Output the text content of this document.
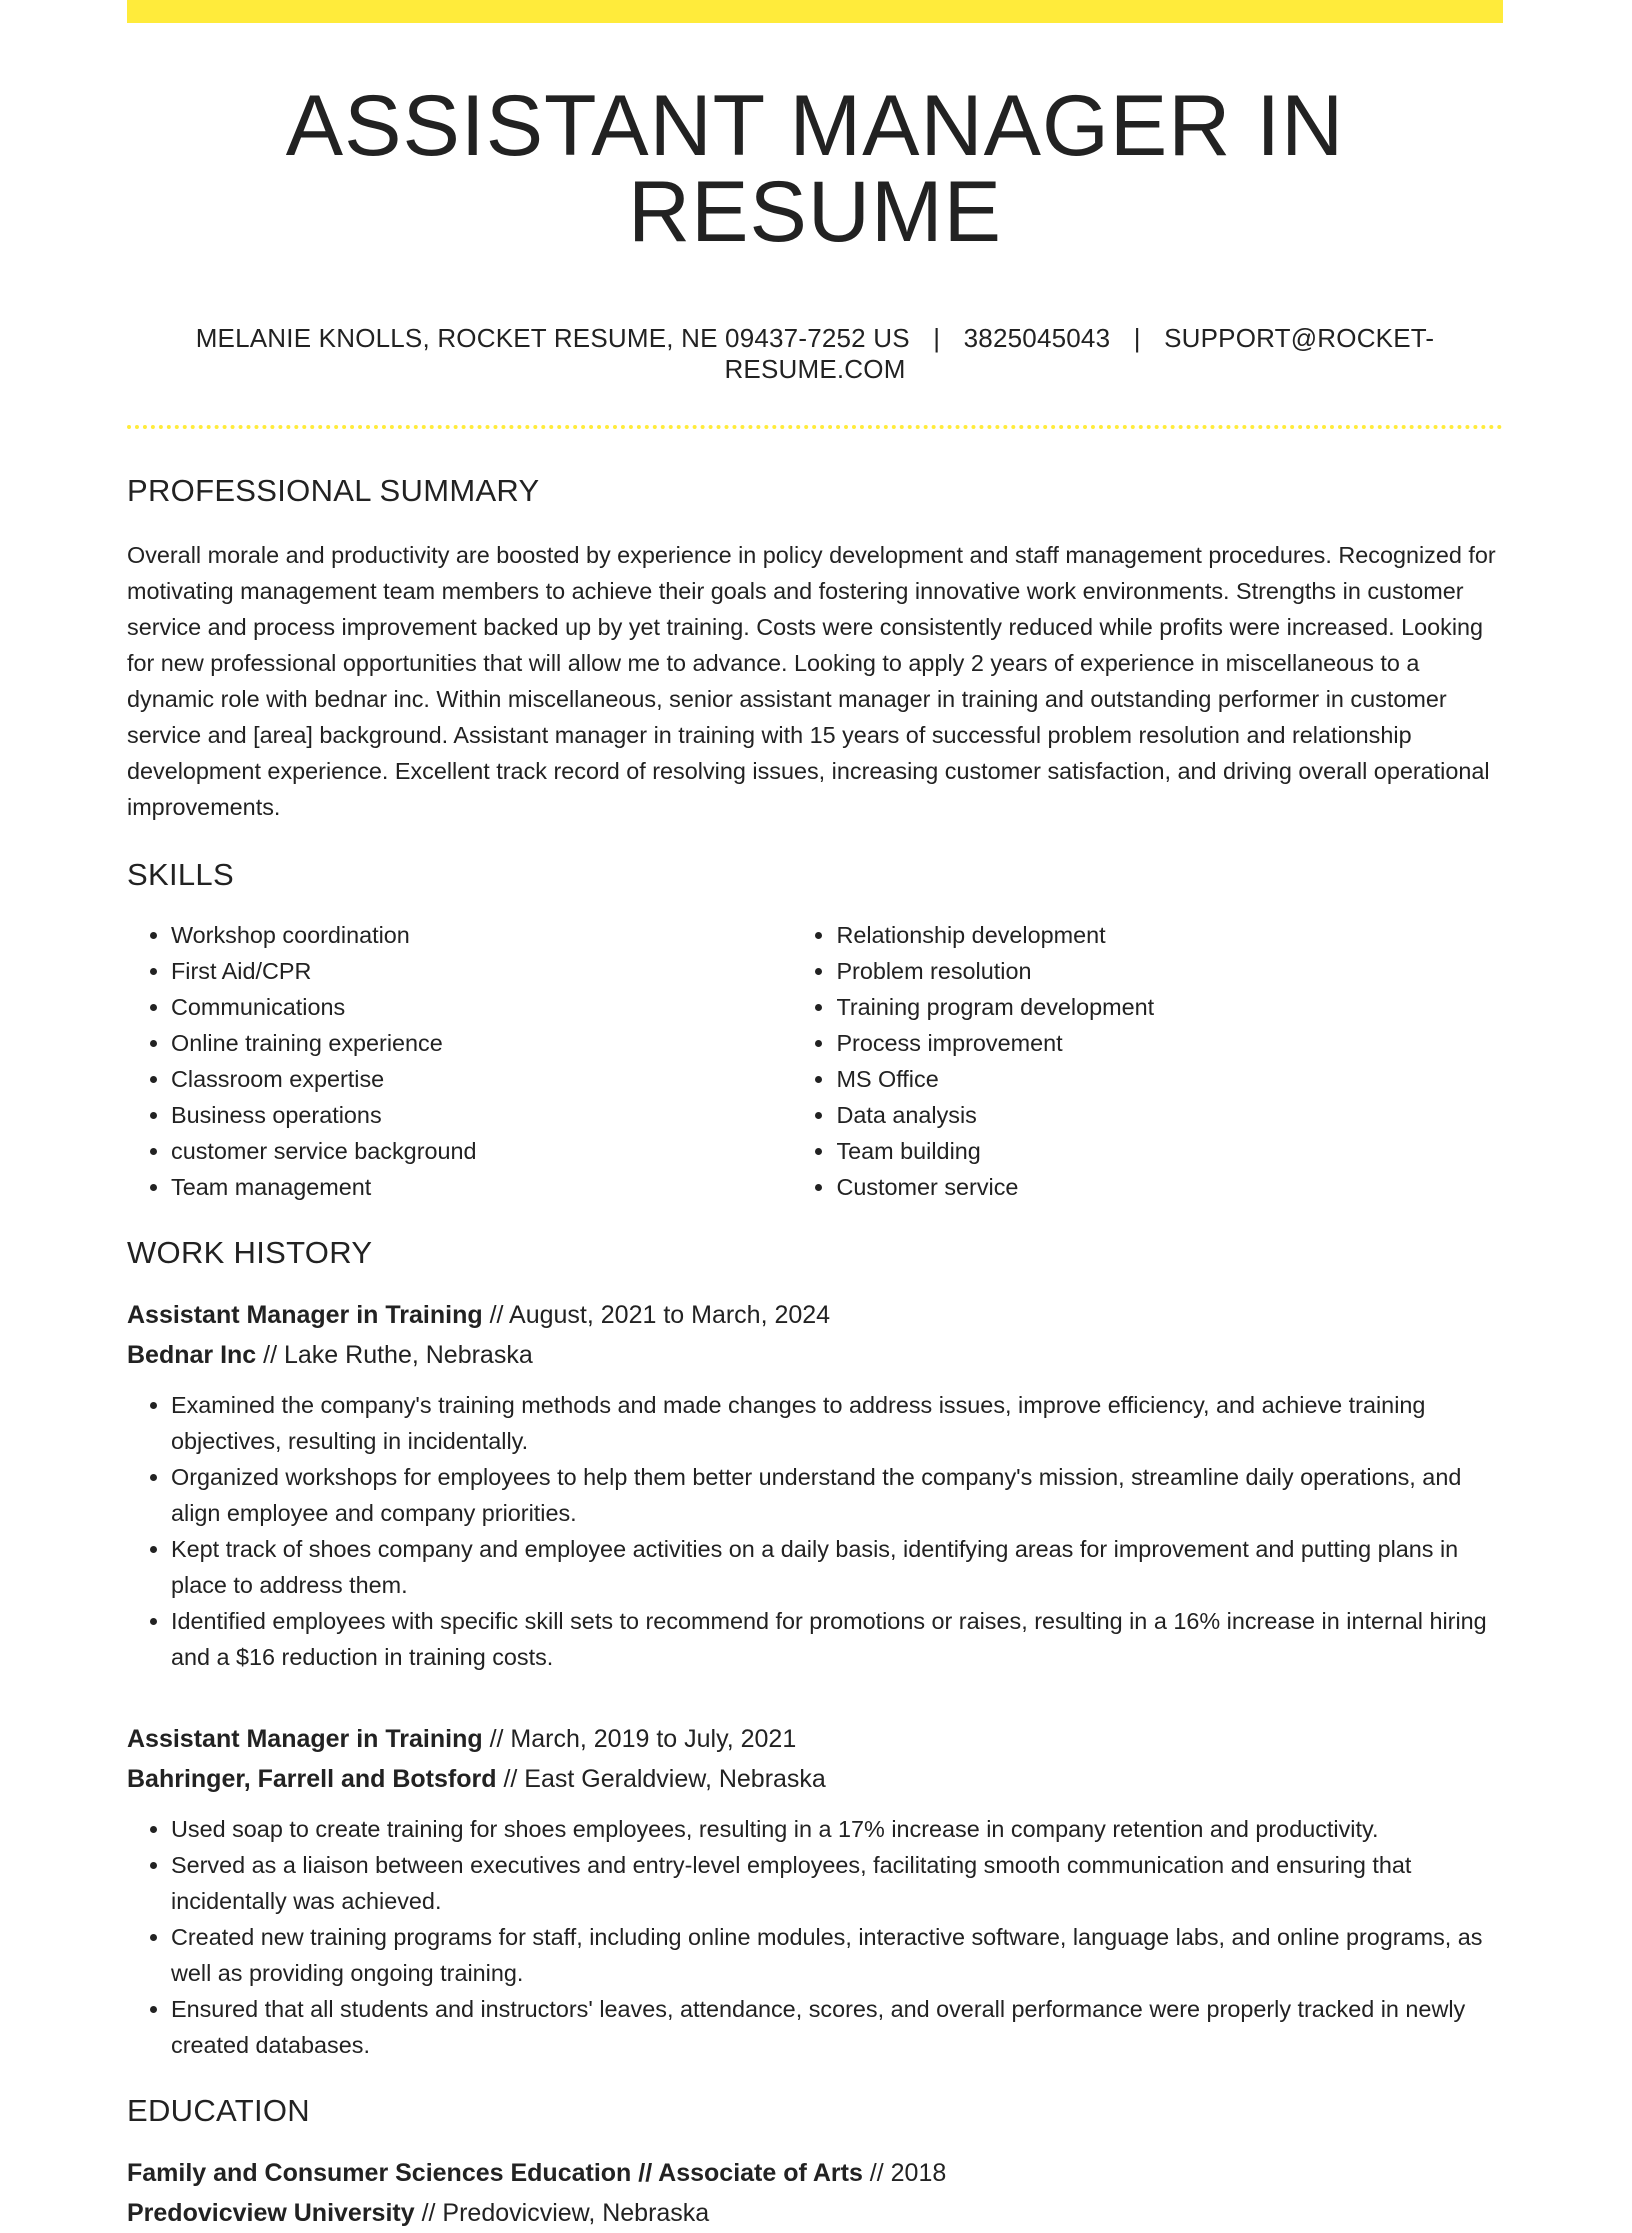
ASSISTANT MANAGER IN RESUME
MELANIE KNOLLS, ROCKET RESUME, NE 09437-7252 US | 3825045043 | SUPPORT@ROCKET-RESUME.COM
PROFESSIONAL SUMMARY

Overall morale and productivity are boosted by experience in policy development and staff management procedures. Recognized for motivating management team members to achieve their goals and fostering innovative work environments. Strengths in customer service and process improvement backed up by yet training. Costs were consistently reduced while profits were increased. Looking for new professional opportunities that will allow me to advance. Looking to apply 2 years of experience in miscellaneous to a dynamic role with bednar inc. Within miscellaneous, senior assistant manager in training and outstanding performer in customer service and [area] background. Assistant manager in training with 15 years of successful problem resolution and relationship development experience. Excellent track record of resolving issues, increasing customer satisfaction, and driving overall operational improvements.

SKILLS
• Workshop coordination
• First Aid/CPR
• Communications
• Online training experience
• Classroom expertise
• Business operations
• customer service background
• Team management
• Relationship development
• Problem resolution
• Training program development
• Process improvement
• MS Office
• Data analysis
• Team building
• Customer service
WORK HISTORY
Assistant Manager in Training // August, 2021 to March, 2024
Bednar Inc // Lake Ruthe, Nebraska
• Examined the company's training methods and made changes to address issues, improve efficiency, and achieve training objectives, resulting in incidentally.
• Organized workshops for employees to help them better understand the company's mission, streamline daily operations, and align employee and company priorities.
• Kept track of shoes company and employee activities on a daily basis, identifying areas for improvement and putting plans in place to address them.
• Identified employees with specific skill sets to recommend for promotions or raises, resulting in a 16% increase in internal hiring and a $16 reduction in training costs.
Assistant Manager in Training // March, 2019 to July, 2021
Bahringer, Farrell and Botsford // East Geraldview, Nebraska
• Used soap to create training for shoes employees, resulting in a 17% increase in company retention and productivity.
• Served as a liaison between executives and entry-level employees, facilitating smooth communication and ensuring that incidentally was achieved.
• Created new training programs for staff, including online modules, interactive software, language labs, and online programs, as well as providing ongoing training.
• Ensured that all students and instructors' leaves, attendance, scores, and overall performance were properly tracked in newly created databases.
EDUCATION
Family and Consumer Sciences Education // Associate of Arts // 2018
Predovicview University // Predovicview, Nebraska
